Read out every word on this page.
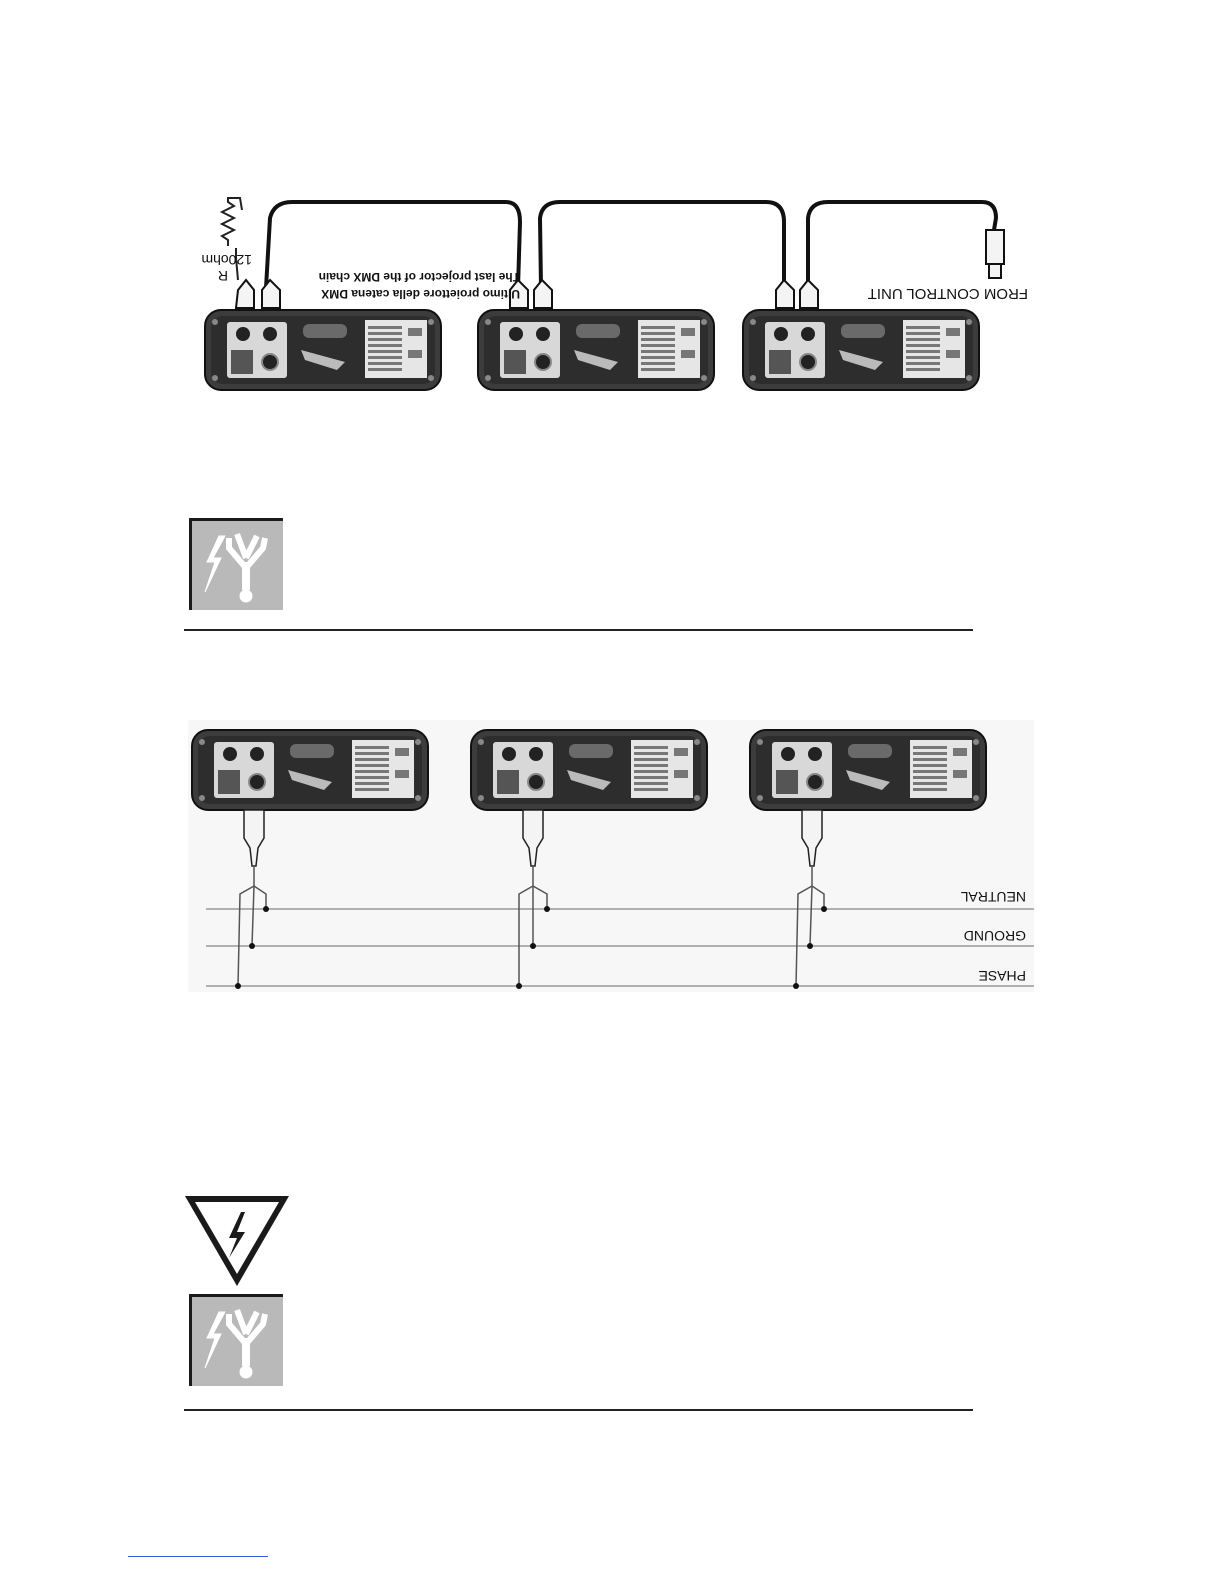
FROM CONTROL UNIT
Ultimo proiettore della catena DMX
The last projector of the DMX chain
R
120ohm
NEUTRAL
GROUND
PHASE
